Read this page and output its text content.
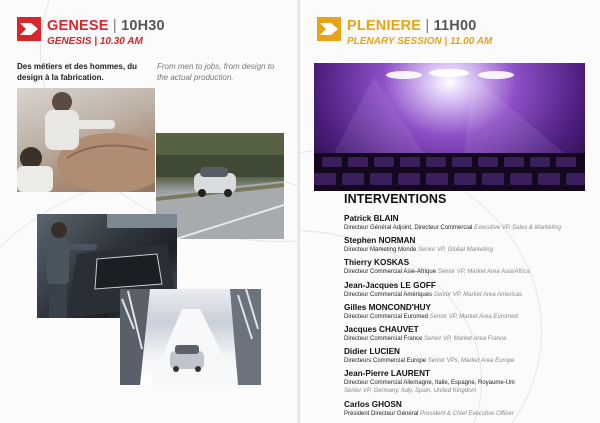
GENESE | 10H30
GENESIS | 10.30 AM
Des métiers et des hommes, du design à la fabrication.
From men to jobs, from design to the actual production.
PLENIERE | 11H00
PLENARY SESSION | 11.00 AM
INTERVENTIONS
Patrick BLAIN
Directeur Général Adjoint, Directeur Commercial Executive VP, Sales & Marketing
Stephen NORMAN
Directeur Marketing Monde Senior VP, Global Marketing
Thierry KOSKAS
Directeur Commercial Asie-Afrique Senior VP, Market Area Asia/Africa
Jean-Jacques LE GOFF
Directeur Commercial Amériques Senior VP, Market Area Americas
Gilles MONCOND'HUY
Directeur Commercial Euromed Senior VP, Market Area Euromed
Jacques CHAUVET
Directeur Commercial France Senior VP, Market Area France
Didier LUCIEN
Directeurs Commercial Europe Senior VPs, Market Area Europe
Jean-Pierre LAURENT
Directeur Commercial Allemagne, Italie, Espagne, Royaume-Uni
Senior VP, Germany, Italy, Spain, United Kingdom
Carlos GHOSN
Président Directeur Général President & Chief Executive Officer
